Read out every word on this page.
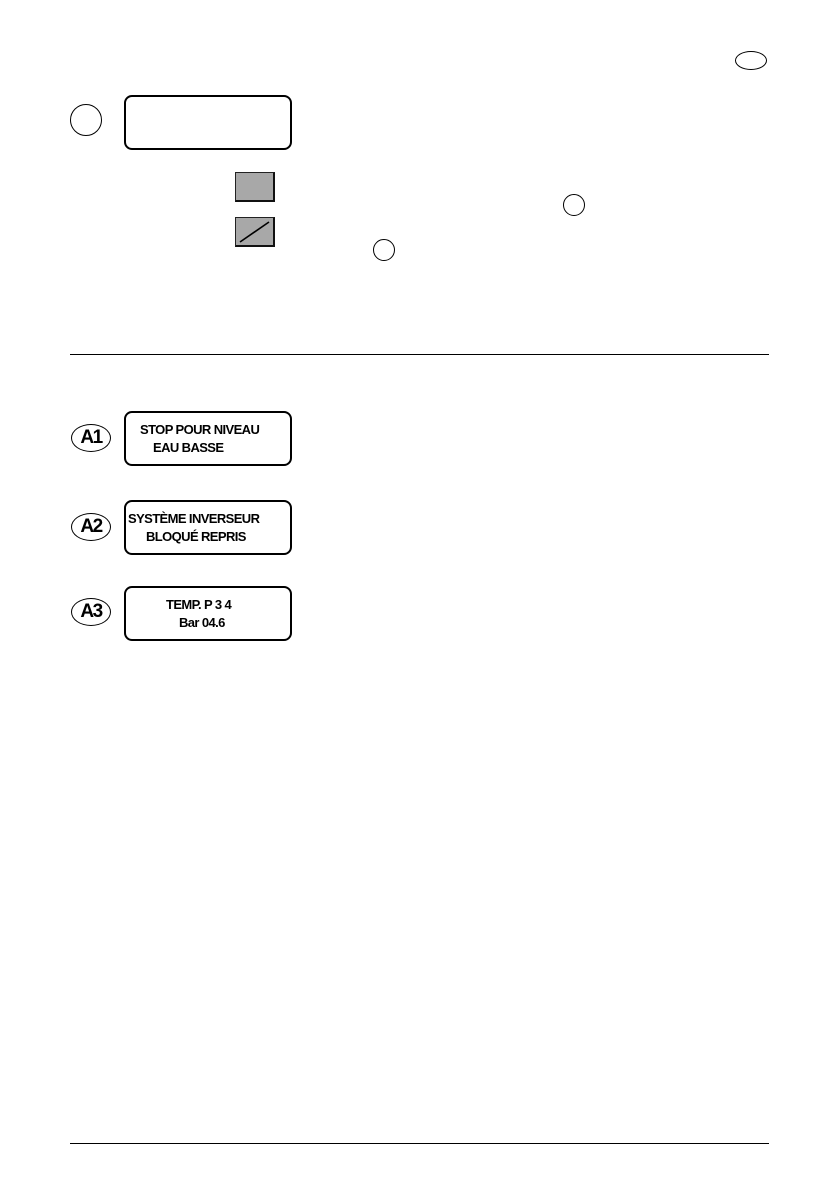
A1	STOP POUR NIVEAU
EAU BASSE
A2	SYSTÈME INVERSEUR
BLOQUÉ REPRIS
A3	TEMP. P 3 4
Bar 04.6
